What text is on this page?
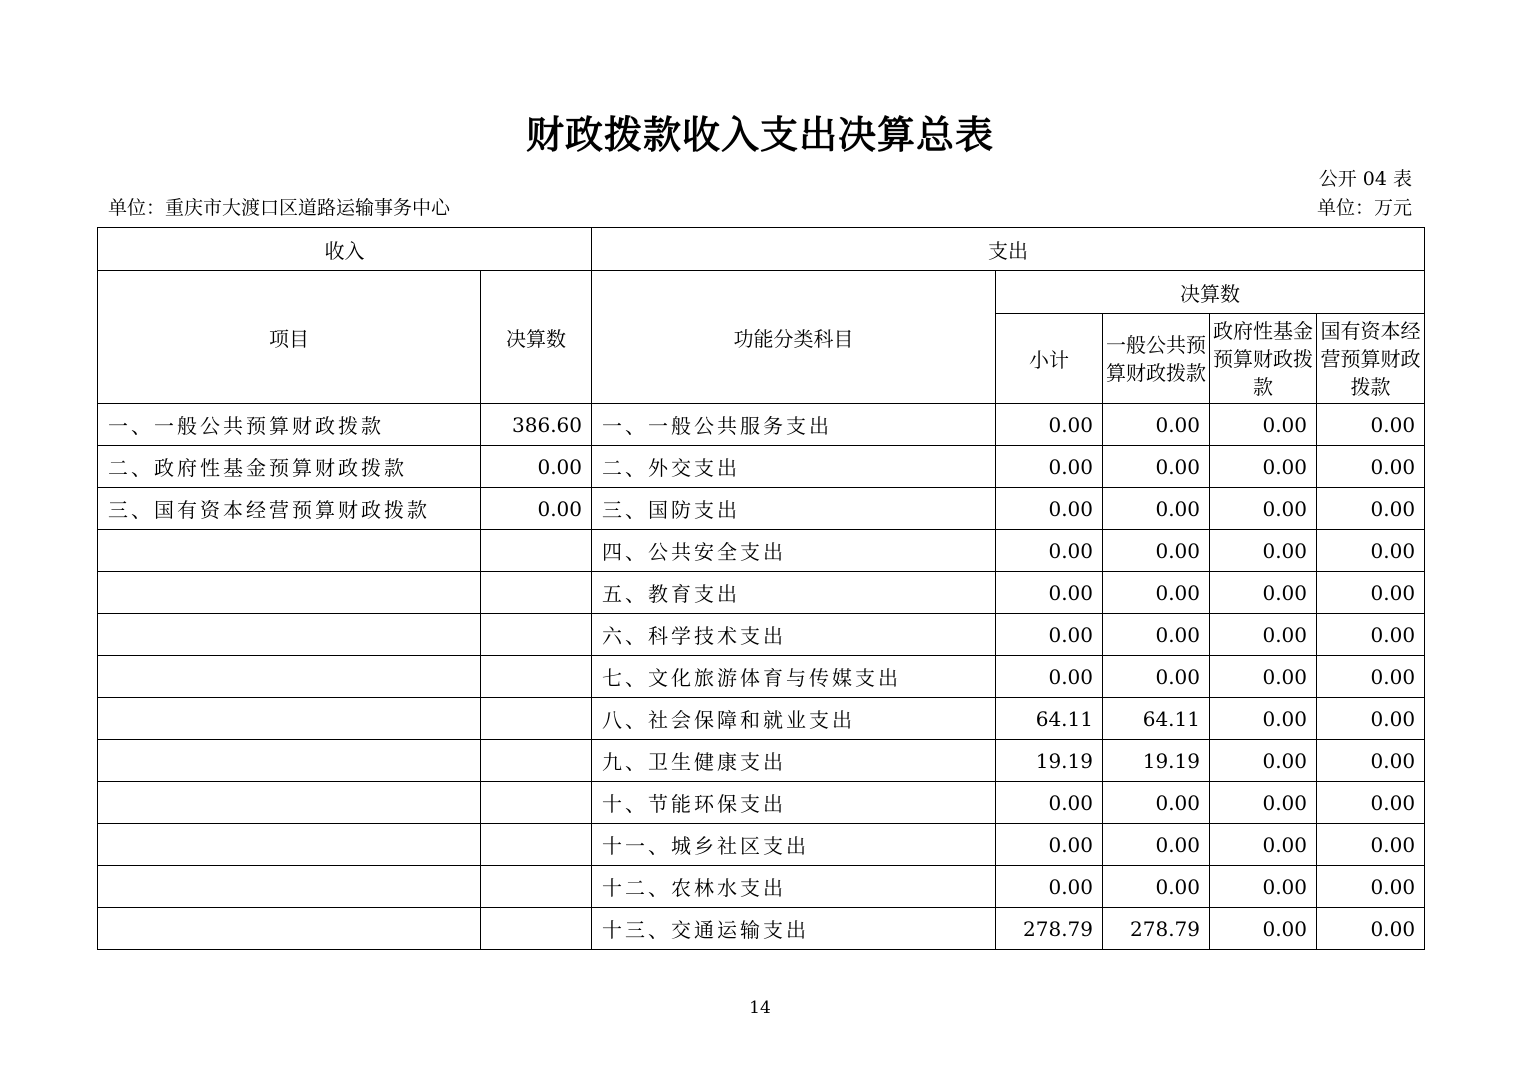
财政拨款收入支出决算总表
公开 04 表
单位：重庆市大渡口区道路运输事务中心	单位：万元
收入		支出				
项目	决算数	功能分类科目	决算数			
			小计	一般公共预算财政拨款	政府性基金预算财政拨款	国有资本经营预算财政拨款
一、一般公共预算财政拨款	386.60	一、一般公共服务支出	0.00	0.00	0.00	0.00
二、政府性基金预算财政拨款	0.00	二、外交支出	0.00	0.00	0.00	0.00
三、国有资本经营预算财政拨款	0.00	三、国防支出	0.00	0.00	0.00	0.00
		四、公共安全支出	0.00	0.00	0.00	0.00
		五、教育支出	0.00	0.00	0.00	0.00
		六、科学技术支出	0.00	0.00	0.00	0.00
		七、文化旅游体育与传媒支出	0.00	0.00	0.00	0.00
		八、社会保障和就业支出	64.11	64.11	0.00	0.00
		九、卫生健康支出	19.19	19.19	0.00	0.00
		十、节能环保支出	0.00	0.00	0.00	0.00
		十一、城乡社区支出	0.00	0.00	0.00	0.00
		十二、农林水支出	0.00	0.00	0.00	0.00
		十三、交通运输支出	278.79	278.79	0.00	0.00
14
